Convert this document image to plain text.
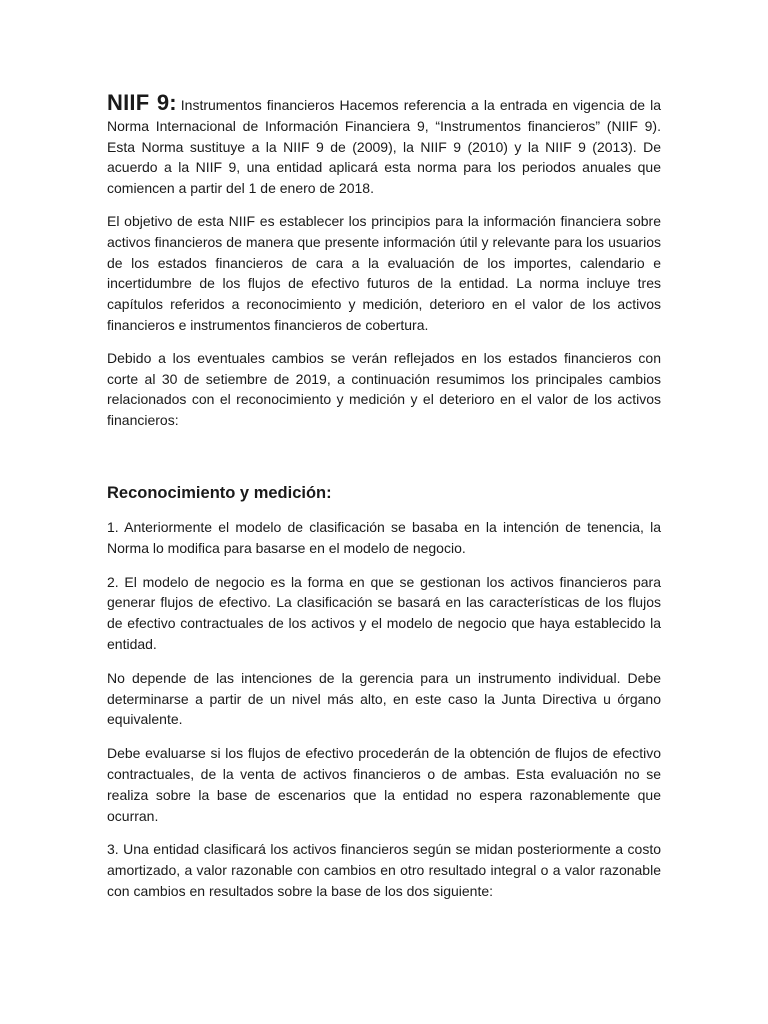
NIIF 9: Instrumentos financieros Hacemos referencia a la entrada en vigencia de la Norma Internacional de Información Financiera 9, “Instrumentos financieros” (NIIF 9). Esta Norma sustituye a la NIIF 9 de (2009), la NIIF 9 (2010) y la NIIF 9 (2013). De acuerdo a la NIIF 9, una entidad aplicará esta norma para los periodos anuales que comiencen a partir del 1 de enero de 2018.

El objetivo de esta NIIF es establecer los principios para la información financiera sobre activos financieros de manera que presente información útil y relevante para los usuarios de los estados financieros de cara a la evaluación de los importes, calendario e incertidumbre de los flujos de efectivo futuros de la entidad. La norma incluye tres capítulos referidos a reconocimiento y medición, deterioro en el valor de los activos financieros e instrumentos financieros de cobertura.

Debido a los eventuales cambios se verán reflejados en los estados financieros con corte al 30 de setiembre de 2019, a continuación resumimos los principales cambios relacionados con el reconocimiento y medición y el deterioro en el valor de los activos financieros:

Reconocimiento y medición:

1. Anteriormente el modelo de clasificación se basaba en la intención de tenencia, la Norma lo modifica para basarse en el modelo de negocio.

2. El modelo de negocio es la forma en que se gestionan los activos financieros para generar flujos de efectivo. La clasificación se basará en las características de los flujos de efectivo contractuales de los activos y el modelo de negocio que haya establecido la entidad.

No depende de las intenciones de la gerencia para un instrumento individual. Debe determinarse a partir de un nivel más alto, en este caso la Junta Directiva u órgano equivalente.

Debe evaluarse si los flujos de efectivo procederán de la obtención de flujos de efectivo contractuales, de la venta de activos financieros o de ambas. Esta evaluación no se realiza sobre la base de escenarios que la entidad no espera razonablemente que ocurran.

3. Una entidad clasificará los activos financieros según se midan posteriormente a costo amortizado, a valor razonable con cambios en otro resultado integral o a valor razonable con cambios en resultados sobre la base de los dos siguiente:
